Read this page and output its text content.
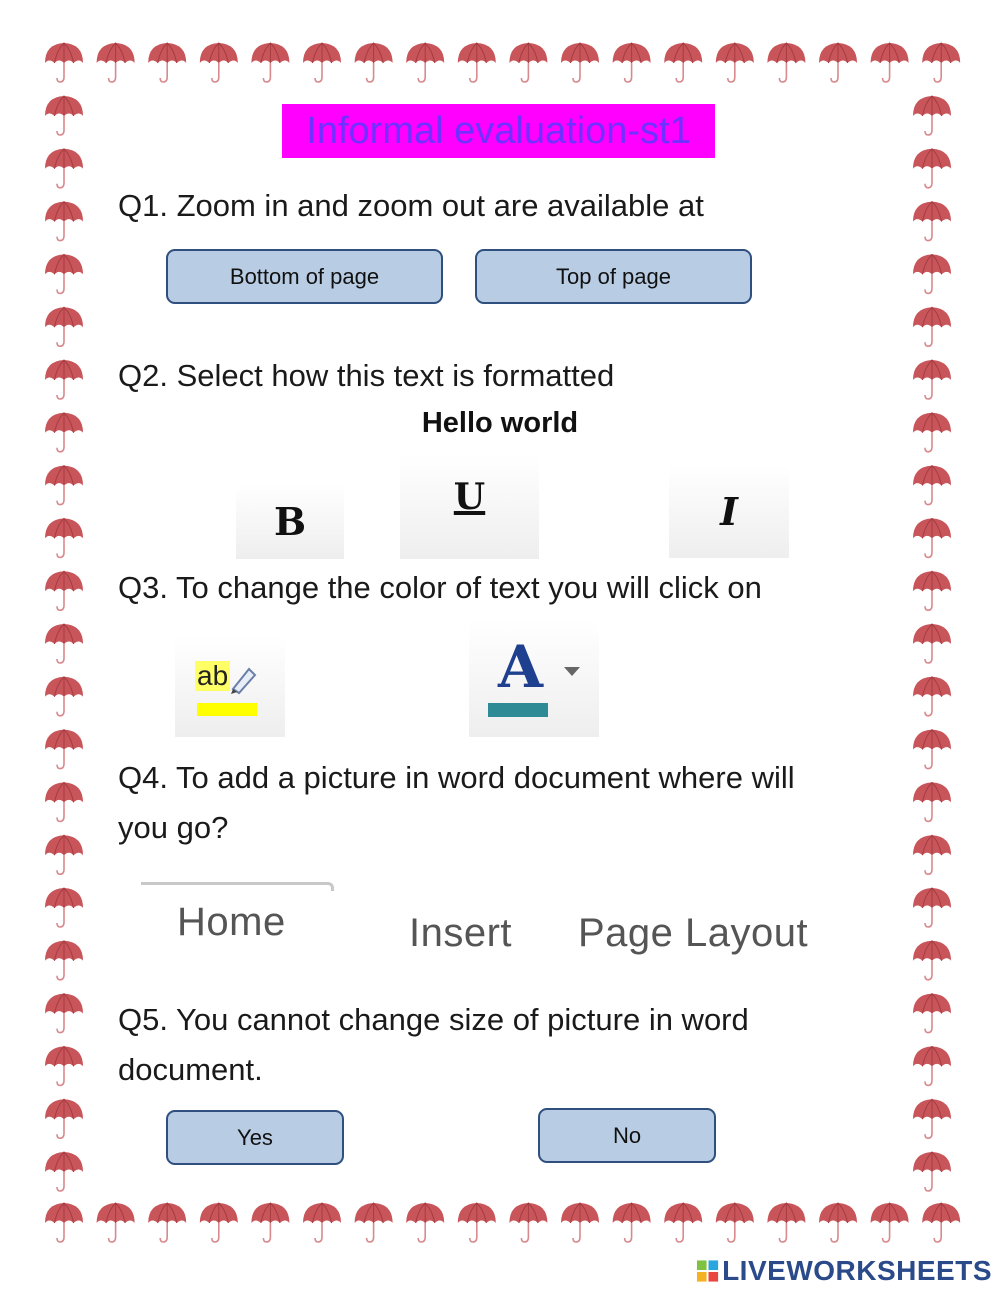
Informal evaluation-st1
Q1. Zoom in and zoom out are available at
Bottom of page	Top of page
Q2. Select how this text is formatted
Hello world
B
U	I
Q3. To change the color of text you will click on
ab	A
Q4. To add a picture in word document where will
you go?
Home	Insert Page Layout
Q5. You cannot change size of picture in word
document.
Yes	No
LIVEWORKSHEETS
